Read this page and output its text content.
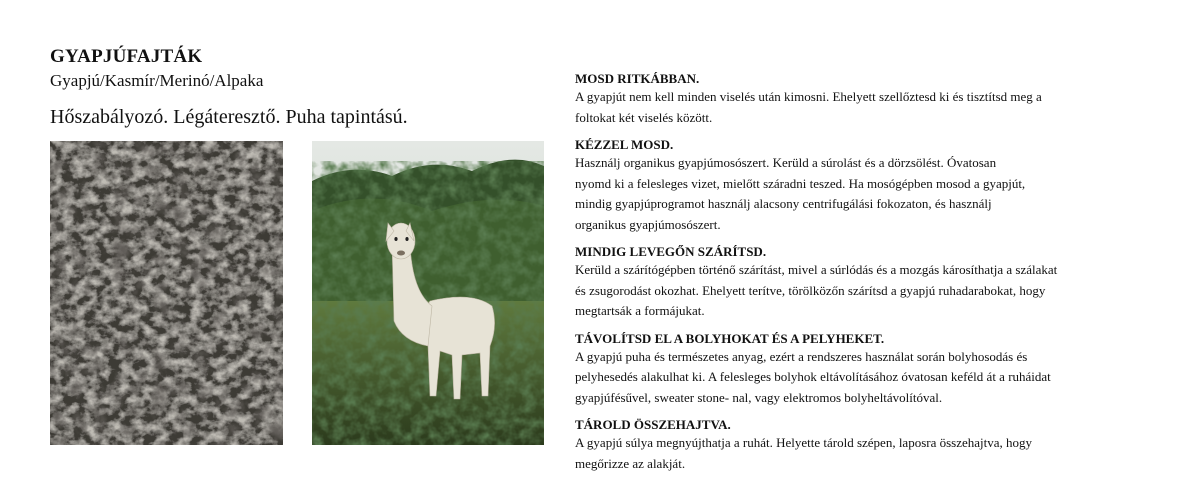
GYAPJÚFAJTÁK
Gyapjú/Kasmír/Merinó/Alpaka
Hőszabályozó. Légáteresztő. Puha tapintású.
MOSD RITKÁBBAN.
A gyapjút nem kell minden viselés után kimosni. Ehelyett szellőztesd ki és tisztítsd meg a
foltokat két viselés között.
KÉZZEL MOSD.
Használj organikus gyapjúmosószert. Kerüld a súrolást és a dörzsölést. Óvatosan
nyomd ki a felesleges vizet, mielőtt száradni teszed. Ha mosógépben mosod a gyapjút,
mindig gyapjúprogramot használj alacsony centrifugálási fokozaton, és használj
organikus gyapjúmosószert.
MINDIG LEVEGŐN SZÁRÍTSD.
Kerüld a szárítógépben történő szárítást, mivel a súrlódás és a mozgás károsíthatja a szálakat
és zsugorodást okozhat. Ehelyett terítve, törölközőn szárítsd a gyapjú ruhadarabokat, hogy
megtartsák a formájukat.
TÁVOLÍTSD EL A BOLYHOKAT ÉS A PELYHEKET.
A gyapjú puha és természetes anyag, ezért a rendszeres használat során bolyhosodás és
pelyhesedés alakulhat ki. A felesleges bolyhok eltávolításához óvatosan keféld át a ruháidat
gyapjúfésűvel, sweater stone- nal, vagy elektromos bolyheltávolítóval.
TÁROLD ÖSSZEHAJTVA.
A gyapjú súlya megnyújthatja a ruhát. Helyette tárold szépen, laposra összehajtva, hogy
megőrizze az alakját.
